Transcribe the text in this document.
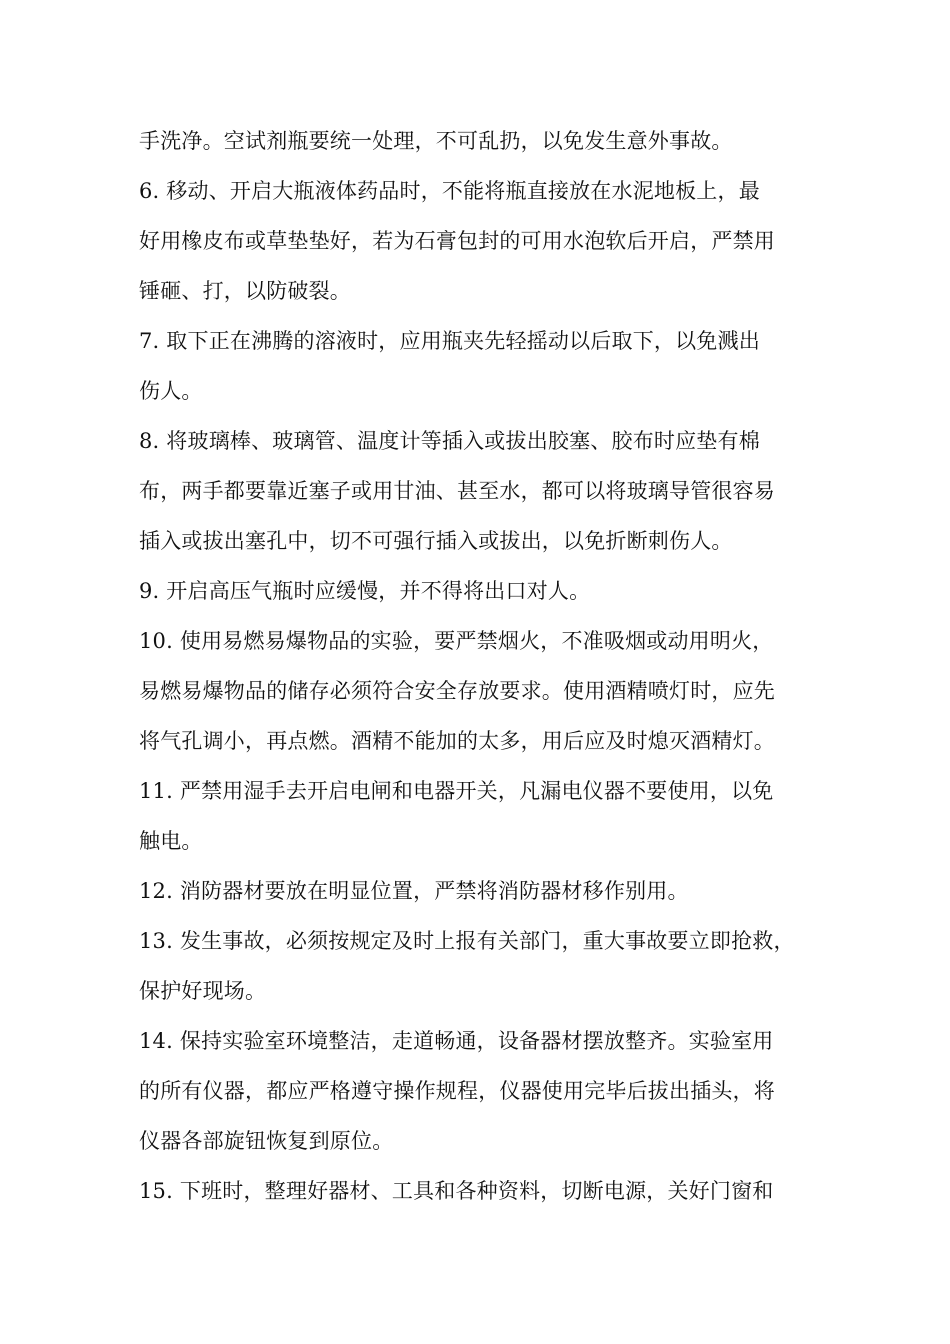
手洗净。空试剂瓶要统一处理，不可乱扔，以免发生意外事故。
6. 移动、开启大瓶液体药品时，不能将瓶直接放在水泥地板上，最
好用橡皮布或草垫垫好，若为石膏包封的可用水泡软后开启，严禁用
锤砸、打，以防破裂。
7. 取下正在沸腾的溶液时，应用瓶夹先轻摇动以后取下，以免溅出
伤人。
8. 将玻璃棒、玻璃管、温度计等插入或拔出胶塞、胶布时应垫有棉
布，两手都要靠近塞子或用甘油、甚至水，都可以将玻璃导管很容易
插入或拔出塞孔中，切不可强行插入或拔出，以免折断刺伤人。
9. 开启高压气瓶时应缓慢，并不得将出口对人。
10. 使用易燃易爆物品的实验，要严禁烟火，不准吸烟或动用明火，
易燃易爆物品的储存必须符合安全存放要求。使用酒精喷灯时，应先
将气孔调小，再点燃。酒精不能加的太多，用后应及时熄灭酒精灯。
11. 严禁用湿手去开启电闸和电器开关，凡漏电仪器不要使用，以免
触电。
12. 消防器材要放在明显位置，严禁将消防器材移作别用。
13. 发生事故，必须按规定及时上报有关部门，重大事故要立即抢救，
保护好现场。
14. 保持实验室环境整洁，走道畅通，设备器材摆放整齐。实验室用
的所有仪器，都应严格遵守操作规程，仪器使用完毕后拔出插头，将
仪器各部旋钮恢复到原位。
15. 下班时，整理好器材、工具和各种资料，切断电源，关好门窗和
